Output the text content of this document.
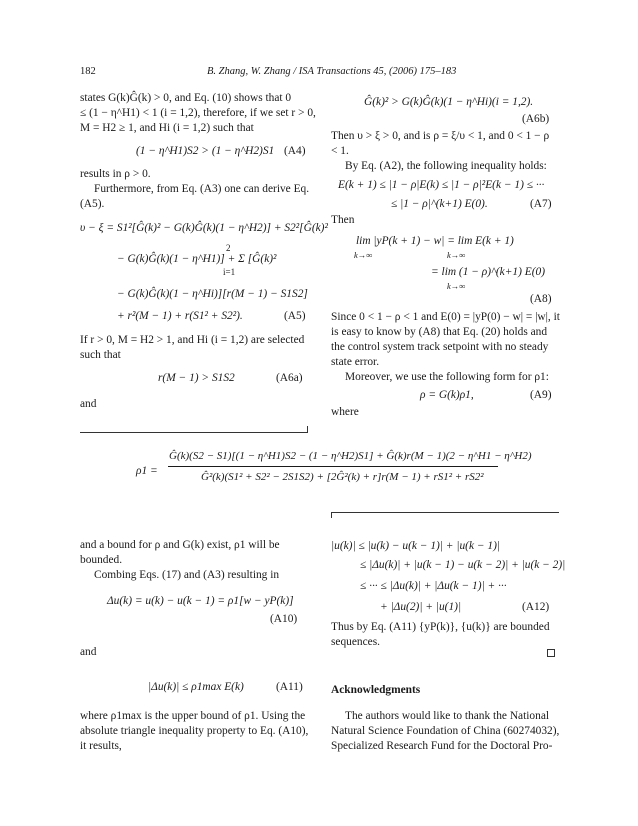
182	B. Zhang, W. Zhang / ISA Transactions 45, (2006) 175–183
states G(k)Ĝ(k) > 0, and Eq. (10) shows that 0
≤ (1 − η^H1) < 1 (i = 1,2), therefore, if we set r > 0,
M = H2 ≥ 1, and Hi (i = 1,2) such that
(1 − η^H1)S2 > (1 − η^H2)S1 (A4)
results in ρ > 0.
Furthermore, from Eq. (A3) one can derive Eq.
(A5).
υ − ξ = S1²[Ĝ(k)² − G(k)Ĝ(k)(1 − η^H2)] + S2²[Ĝ(k)²
2
− G(k)Ĝ(k)(1 − η^H1)] + Σ [Ĝ(k)²
i=1
− G(k)Ĝ(k)(1 − η^Hi)][r(M − 1) − S1S2]
+ r²(M − 1) + r(S1² + S2²).	(A5)
If r > 0, M = H2 > 1, and Hi (i = 1,2) are selected
such that
r(M − 1) > S1S2	(A6a)
and
Ĝ(k)² > G(k)Ĝ(k)(1 − η^Hi)(i = 1,2).
(A6b)
Then υ > ξ > 0, and is ρ = ξ/υ < 1, and 0 < 1 − ρ
< 1.
By Eq. (A2), the following inequality holds:
E(k + 1) ≤ |1 − ρ|E(k) ≤ |1 − ρ|²E(k − 1) ≤ ···
≤ |1 − ρ|^(k+1) E(0).	(A7)
Then
lim |yP(k + 1) − w| = lim E(k + 1)
k→∞	k→∞
= lim (1 − ρ)^(k+1) E(0)
k→∞
(A8)
Since 0 < 1 − ρ < 1 and E(0) = |yP(0) − w| = |w|, it
is easy to know by (A8) that Eq. (20) holds and
the control system track setpoint with no steady
state error.
Moreover, we use the following form for ρ1:
ρ = G(k)ρ1,	(A9)
where
ρ1 =
Ĝ(k)(S2 − S1)[(1 − η^H1)S2 − (1 − η^H2)S1] + Ĝ(k)r(M − 1)(2 − η^H1 − η^H2)
Ĝ²(k)(S1² + S2² − 2S1S2) + [2Ĝ²(k) + r]r(M − 1) + rS1² + rS2²
and a bound for ρ and G(k) exist, ρ1 will be
bounded.
Combing Eqs. (17) and (A3) resulting in
Δu(k) = u(k) − u(k − 1) = ρ1[w − yP(k)]
(A10)
and
|Δu(k)| ≤ ρ1max E(k)	(A11)
where ρ1max is the upper bound of ρ1. Using the
absolute triangle inequality property to Eq. (A10),
it results,
|u(k)| ≤ |u(k) − u(k − 1)| + |u(k − 1)|
≤ |Δu(k)| + |u(k − 1) − u(k − 2)| + |u(k − 2)|
≤ ··· ≤ |Δu(k)| + |Δu(k − 1)| + ···
+ |Δu(2)| + |u(1)|	(A12)
Thus by Eq. (A11) {yP(k)}, {u(k)} are bounded
sequences.
Acknowledgments
The authors would like to thank the National
Natural Science Foundation of China (60274032),
Specialized Research Fund for the Doctoral Pro-
